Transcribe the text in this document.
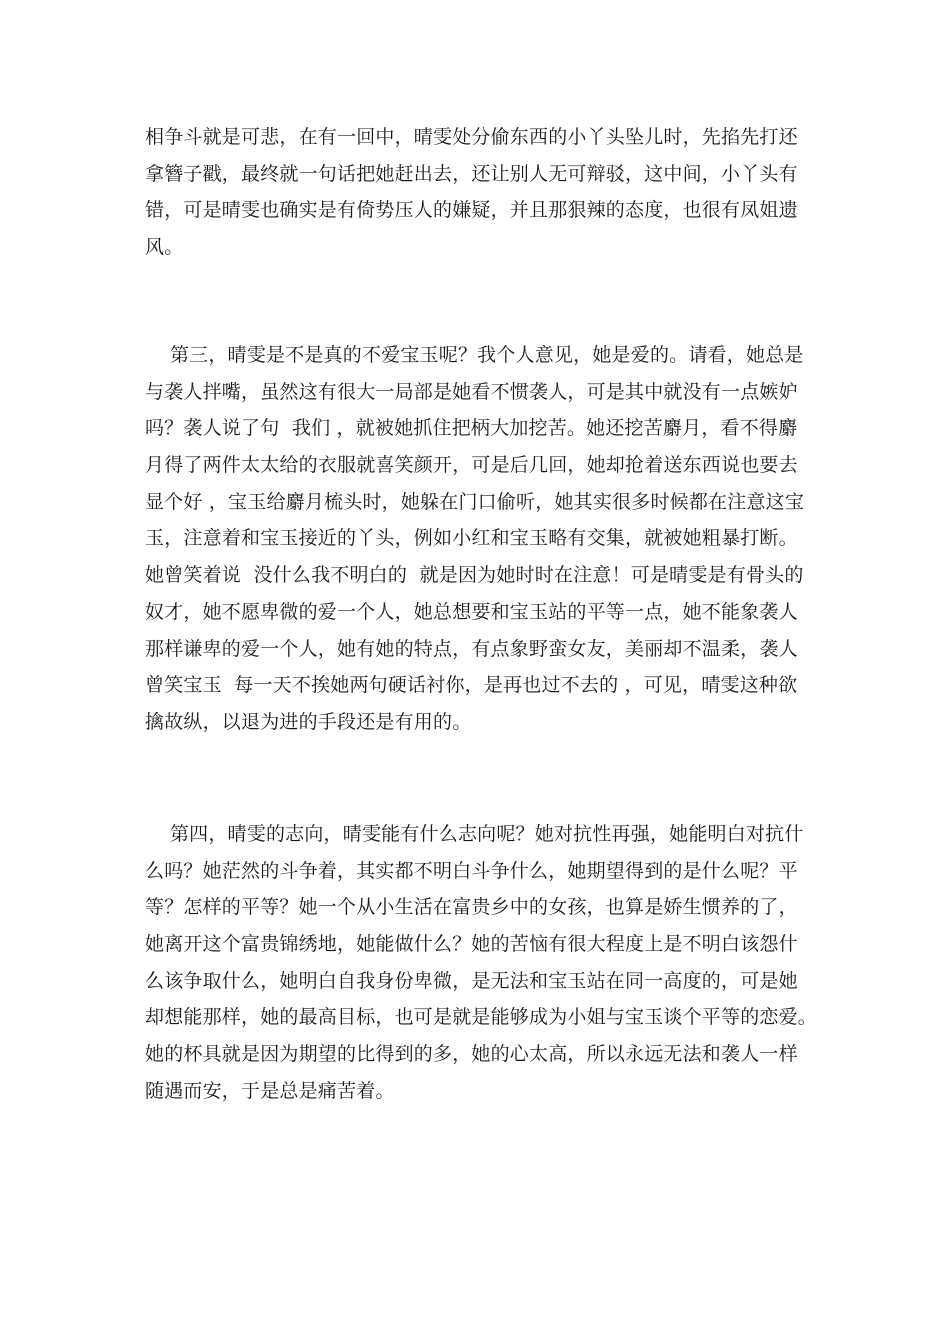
相争斗就是可悲，在有一回中，晴雯处分偷东西的小丫头坠儿时，先掐先打还
拿簪子戳，最终就一句话把她赶出去，还让别人无可辩驳，这中间，小丫头有
错，可是晴雯也确实是有倚势压人的嫌疑，并且那狠辣的态度，也很有凤姐遗
风。
第三，晴雯是不是真的不爱宝玉呢？我个人意见，她是爱的。请看，她总是
与袭人拌嘴，虽然这有很大一局部是她看不惯袭人，可是其中就没有一点嫉妒
吗？袭人说了句  我们 ，就被她抓住把柄大加挖苦。她还挖苦麝月，看不得麝
月得了两件太太给的衣服就喜笑颜开，可是后几回，她却抢着送东西说也要去
显个好 ，宝玉给麝月梳头时，她躲在门口偷听，她其实很多时候都在注意这宝
玉，注意着和宝玉接近的丫头，例如小红和宝玉略有交集，就被她粗暴打断。
她曾笑着说  没什么我不明白的  就是因为她时时在注意！可是晴雯是有骨头的
奴才，她不愿卑微的爱一个人，她总想要和宝玉站的平等一点，她不能象袭人
那样谦卑的爱一个人，她有她的特点，有点象野蛮女友，美丽却不温柔，袭人
曾笑宝玉  每一天不挨她两句硬话衬你，是再也过不去的 ，可见，晴雯这种欲
擒故纵，以退为进的手段还是有用的。
第四，晴雯的志向，晴雯能有什么志向呢？她对抗性再强，她能明白对抗什
么吗？她茫然的斗争着，其实都不明白斗争什么，她期望得到的是什么呢？平
等？怎样的平等？她一个从小生活在富贵乡中的女孩，也算是娇生惯养的了，
她离开这个富贵锦绣地，她能做什么？她的苦恼有很大程度上是不明白该怨什
么该争取什么，她明白自我身份卑微，是无法和宝玉站在同一高度的，可是她
却想能那样，她的最高目标，也可是就是能够成为小姐与宝玉谈个平等的恋爱。
她的杯具就是因为期望的比得到的多，她的心太高，所以永远无法和袭人一样
随遇而安，于是总是痛苦着。
